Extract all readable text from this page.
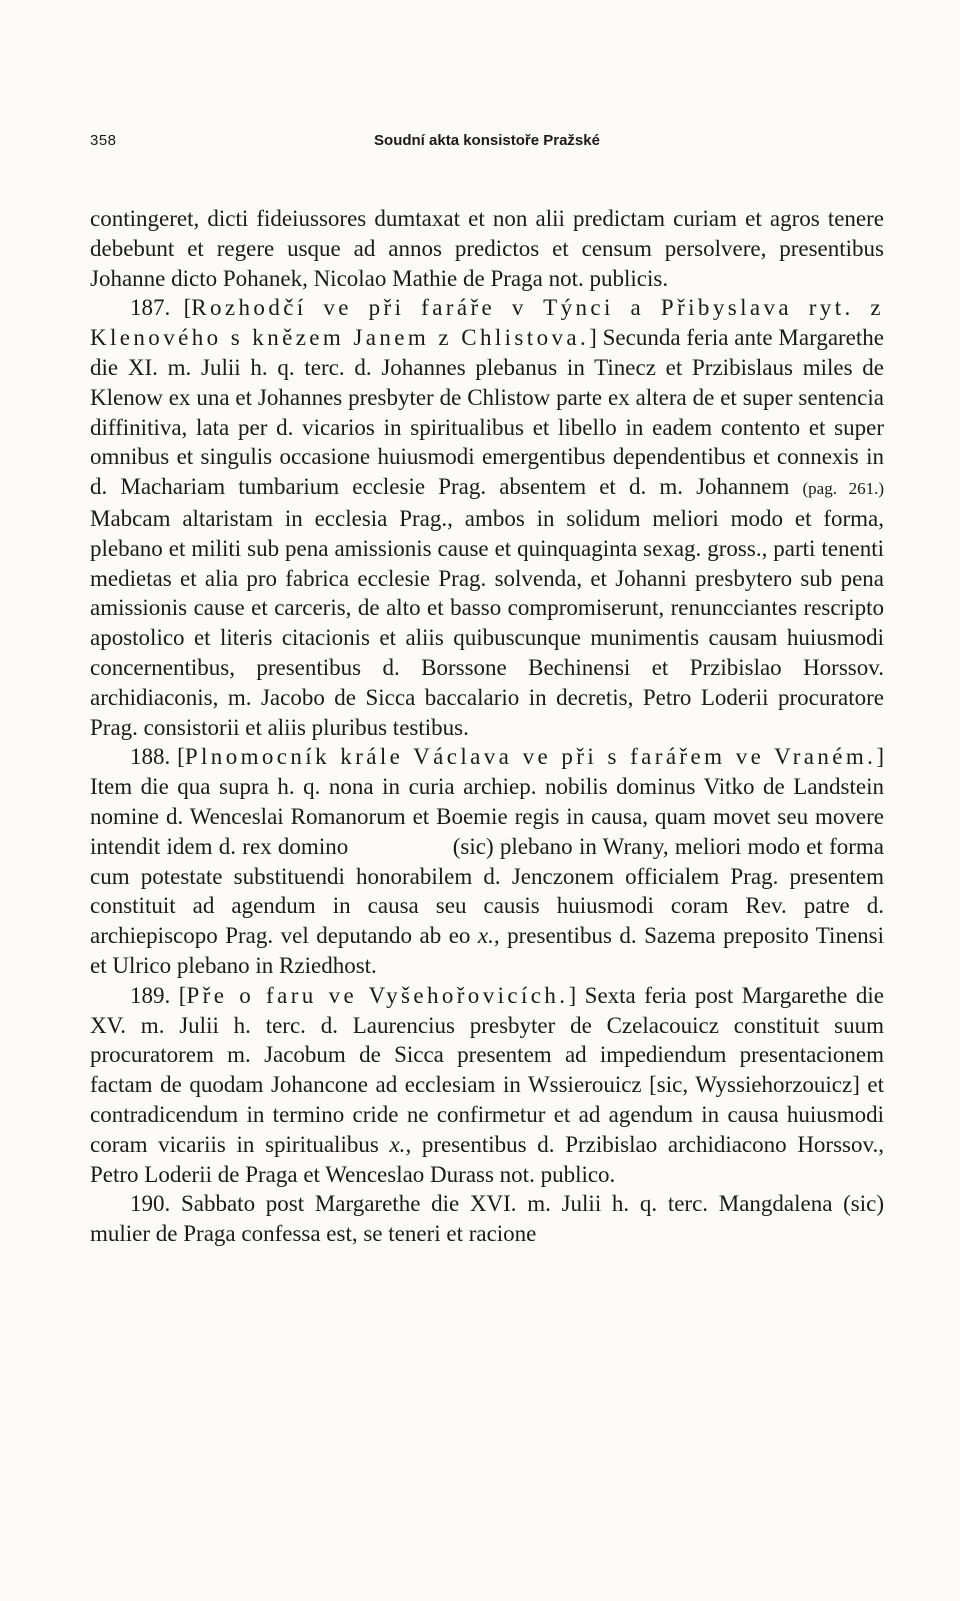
358	Soudní akta konsistoře Pražské

contingeret, dicti fideiussores dumtaxat et non alii predictam curiam et agros tenere debebunt et regere usque ad annos predictos et censum persolvere, presentibus Johanne dicto Pohanek, Nicolao Mathie de Praga not. publicis.

187. [Rozhodčí ve při faráře v Týnci a Přibyslava ryt. z Klenového s knězem Janem z Chlistova.] Secunda feria ante Margarethe die XI. m. Julii h. q. terc. d. Johannes plebanus in Tinecz et Przibislaus miles de Klenow ex una et Johannes presbyter de Chlistow parte ex altera de et super sentencia diffinitiva, lata per d. vicarios in spiritualibus et libello in eadem contento et super omnibus et singulis occasione huiusmodi emergentibus dependentibus et connexis in d. Machariam tumbarium ecclesie Prag. absentem et d. m. Johannem (pag. 261.) Mabcam altaristam in ecclesia Prag., ambos in solidum meliori modo et forma, plebano et militi sub pena amissionis cause et quinquaginta sexag. gross., parti tenenti medietas et alia pro fabrica ecclesie Prag. solvenda, et Johanni presbytero sub pena amissionis cause et carceris, de alto et basso compromiserunt, renuncciantes rescripto apostolico et literis citacionis et aliis quibuscunque munimentis causam huiusmodi concernentibus, presentibus d. Borssone Bechinensi et Przibislao Horssov. archidiaconis, m. Jacobo de Sicca baccalario in decretis, Petro Loderii procuratore Prag. consistorii et aliis pluribus testibus.

188. [Plnomocník krále Václava ve při s farářem ve Vraném.] Item die qua supra h. q. nona in curia archiep. nobilis dominus Vitko de Landstein nomine d. Wenceslai Romanorum et Boemie regis in causa, quam movet seu movere intendit idem d. rex domino      (sic) plebano in Wrany, meliori modo et forma cum potestate substituendi honorabilem d. Jenczonem officialem Prag. presentem constituit ad agendum in causa seu causis huiusmodi coram Rev. patre d. archiepiscopo Prag. vel deputando ab eo x., presentibus d. Sazema preposito Tinensi et Ulrico plebano in Rziedhost.

189. [Pře o faru ve Vyšehořovicích.] Sexta feria post Margarethe die XV. m. Julii h. terc. d. Laurencius presbyter de Czelacouicz constituit suum procuratorem m. Jacobum de Sicca presentem ad impediendum presentacionem factam de quodam Johancone ad ecclesiam in Wssierouicz [sic, Wyssiehorzouicz] et contradicendum in termino cride ne confirmetur et ad agendum in causa huiusmodi coram vicariis in spiritualibus x., presentibus d. Przibislao archidiacono Horssov., Petro Loderii de Praga et Wenceslao Durass not. publico.

190. Sabbato post Margarethe die XVI. m. Julii h. q. terc. Mangdalena (sic) mulier de Praga confessa est, se teneri et racione
